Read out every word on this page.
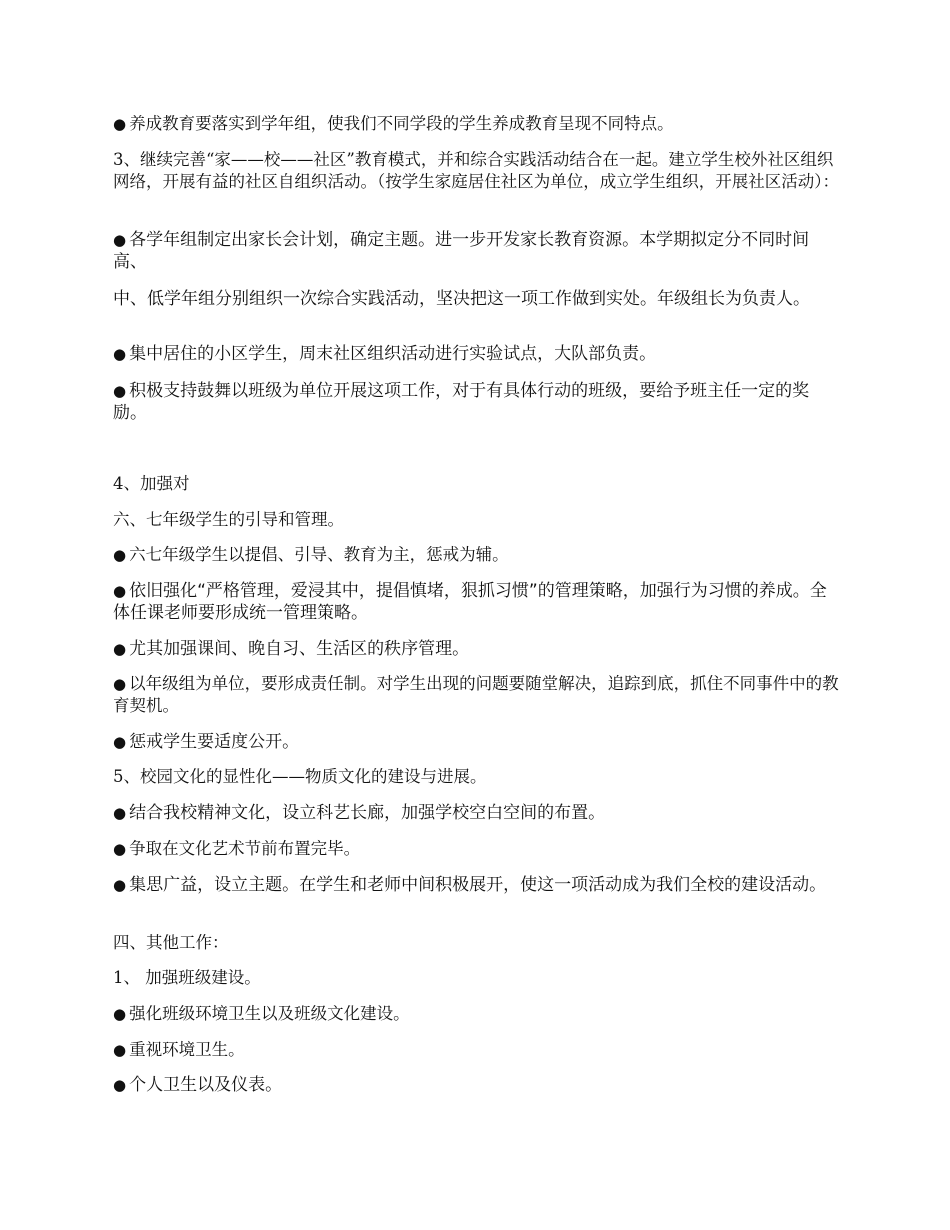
● 养成教育要落实到学年组，使我们不同学段的学生养成教育呈现不同特点。

3、继续完善“家——校——社区”教育模式，并和综合实践活动结合在一起。建立学生校外社区组织网络，开展有益的社区自组织活动。（按学生家庭居住社区为单位，成立学生组织，开展社区活动）：

● 各学年组制定出家长会计划，确定主题。进一步开发家长教育资源。本学期拟定分不同时间高、

中、低学年组分别组织一次综合实践活动，坚决把这一项工作做到实处。年级组长为负责人。

● 集中居住的小区学生，周末社区组织活动进行实验试点，大队部负责。

● 积极支持鼓舞以班级为单位开展这项工作，对于有具体行动的班级，要给予班主任一定的奖励。

4、加强对

六、七年级学生的引导和管理。

● 六七年级学生以提倡、引导、教育为主，惩戒为辅。

● 依旧强化“严格管理，爱浸其中，提倡慎堵，狠抓习惯”的管理策略，加强行为习惯的养成。全体任课老师要形成统一管理策略。

● 尤其加强课间、晚自习、生活区的秩序管理。

● 以年级组为单位，要形成责任制。对学生出现的问题要随堂解决，追踪到底，抓住不同事件中的教育契机。

● 惩戒学生要适度公开。

5、校园文化的显性化——物质文化的建设与进展。

● 结合我校精神文化，设立科艺长廊，加强学校空白空间的布置。

● 争取在文化艺术节前布置完毕。

● 集思广益，设立主题。在学生和老师中间积极展开，使这一项活动成为我们全校的建设活动。

四、其他工作：

1、 加强班级建设。

● 强化班级环境卫生以及班级文化建设。

● 重视环境卫生。

● 个人卫生以及仪表。
